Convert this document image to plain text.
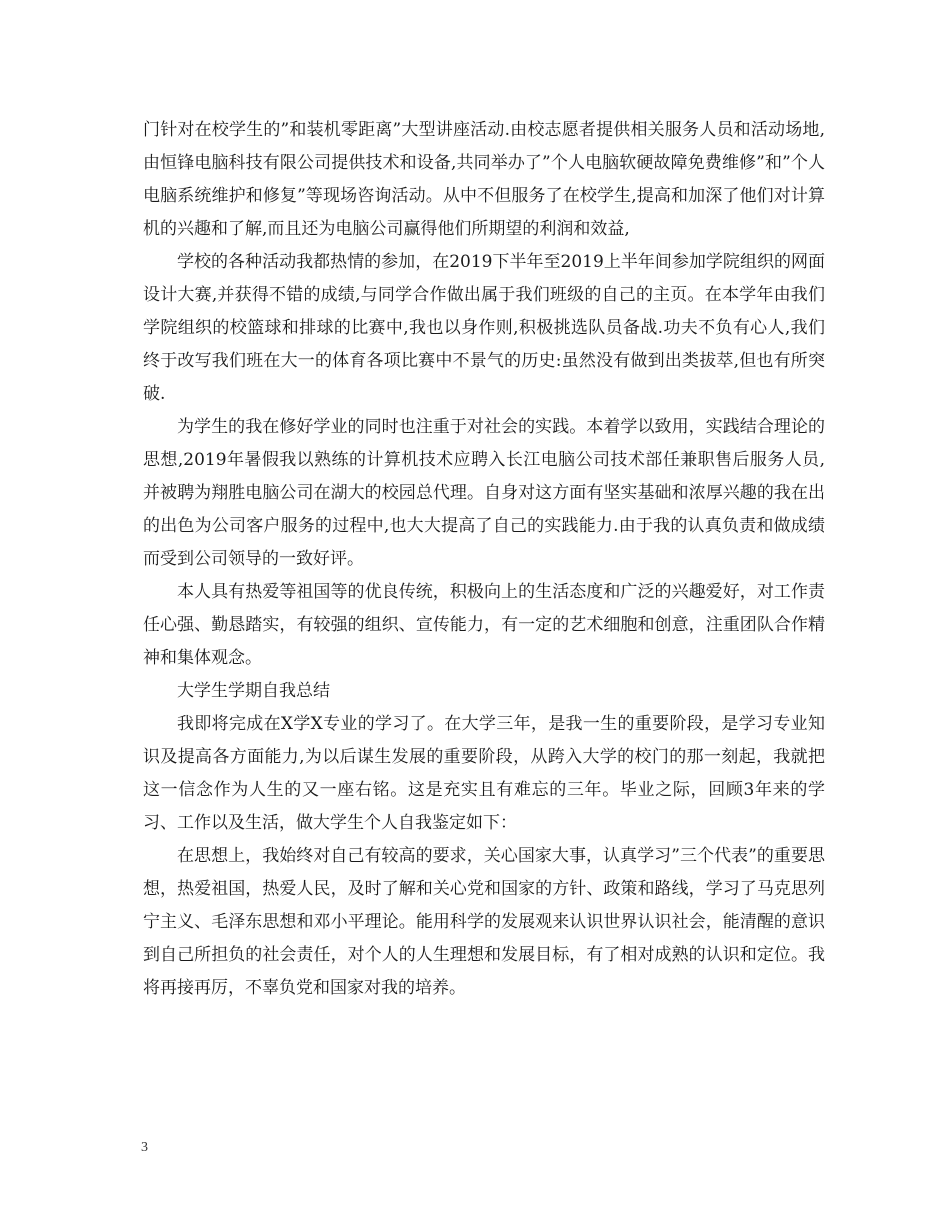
门针对在校学生的”和装机零距离”大型讲座活动.由校志愿者提供相关服务人员和活动场地,由恒锋电脑科技有限公司提供技术和设备,共同举办了”个人电脑软硬故障免费维修”和”个人电脑系统维护和修复”等现场咨询活动。从中不但服务了在校学生,提高和加深了他们对计算机的兴趣和了解,而且还为电脑公司赢得他们所期望的利润和效益,

学校的各种活动我都热情的参加，在2019下半年至2019上半年间参加学院组织的网面设计大赛,并获得不错的成绩,与同学合作做出属于我们班级的自己的主页。在本学年由我们学院组织的校篮球和排球的比赛中,我也以身作则,积极挑选队员备战.功夫不负有心人,我们终于改写我们班在大一的体育各项比赛中不景气的历史:虽然没有做到出类拔萃,但也有所突破.

为学生的我在修好学业的同时也注重于对社会的实践。本着学以致用，实践结合理论的思想,2019年暑假我以熟练的计算机技术应聘入长江电脑公司技术部任兼职售后服务人员,并被聘为翔胜电脑公司在湖大的校园总代理。自身对这方面有坚实基础和浓厚兴趣的我在出的出色为公司客户服务的过程中,也大大提高了自己的实践能力.由于我的认真负责和做成绩而受到公司领导的一致好评。

本人具有热爱等祖国等的优良传统，积极向上的生活态度和广泛的兴趣爱好，对工作责任心强、勤恳踏实，有较强的组织、宣传能力，有一定的艺术细胞和创意，注重团队合作精神和集体观念。

大学生学期自我总结

我即将完成在X学X专业的学习了。在大学三年，是我一生的重要阶段，是学习专业知识及提高各方面能力,为以后谋生发展的重要阶段，从跨入大学的校门的那一刻起，我就把这一信念作为人生的又一座右铭。这是充实且有难忘的三年。毕业之际，回顾3年来的学习、工作以及生活，做大学生个人自我鉴定如下：

在思想上，我始终对自己有较高的要求，关心国家大事，认真学习”三个代表”的重要思想，热爱祖国，热爱人民，及时了解和关心党和国家的方针、政策和路线，学习了马克思列宁主义、毛泽东思想和邓小平理论。能用科学的发展观来认识世界认识社会，能清醒的意识到自己所担负的社会责任，对个人的人生理想和发展目标，有了相对成熟的认识和定位。我将再接再厉，不辜负党和国家对我的培养。

3
